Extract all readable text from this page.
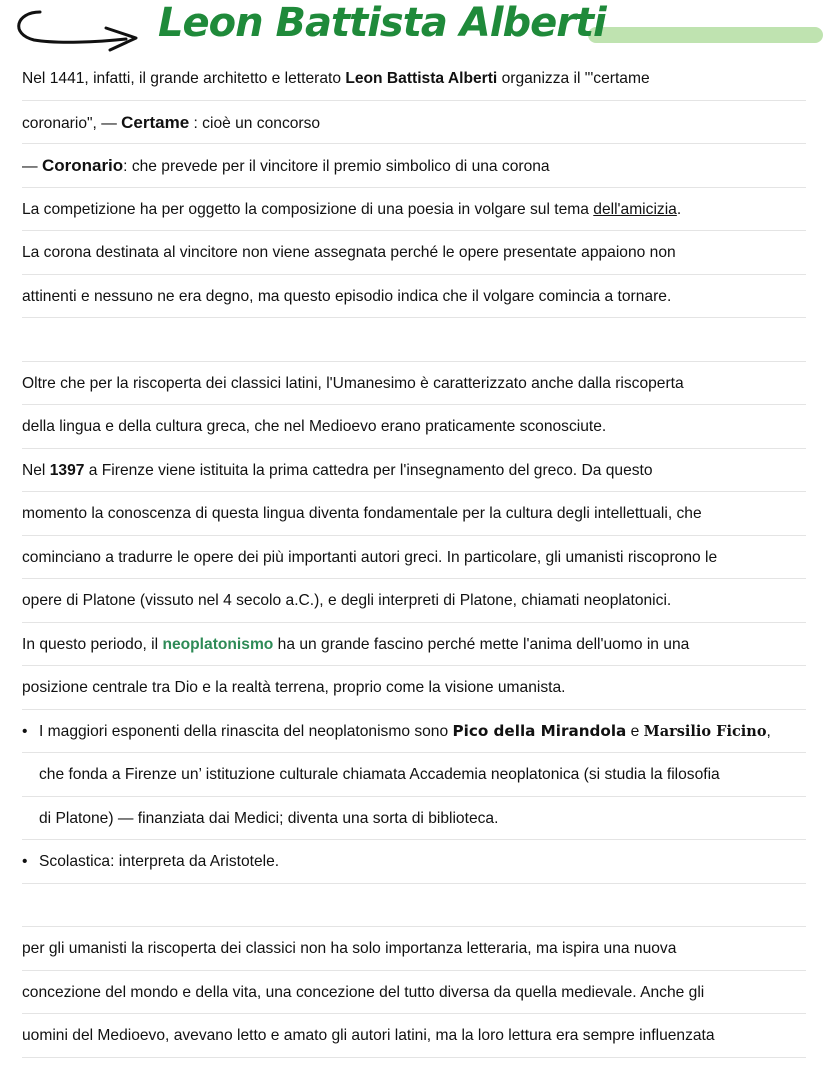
Leon Battista Alberti
Nel 1441, infatti, il grande architetto e letterato Leon Battista Alberti organizza il "'certame
coronario", — Certame : cioè un concorso
— Coronario: che prevede per il vincitore il premio simbolico di una corona
La competizione ha per oggetto la composizione di una poesia in volgare sul tema dell'amicizia.
La corona destinata al vincitore non viene assegnata perché le opere presentate appaiono non
attinenti e nessuno ne era degno, ma questo episodio indica che il volgare comincia a tornare.
Oltre che per la riscoperta dei classici latini, l'Umanesimo è caratterizzato anche dalla riscoperta
della lingua e della cultura greca, che nel Medioevo erano praticamente sconosciute.
Nel 1397 a Firenze viene istituita la prima cattedra per l'insegnamento del greco. Da questo
momento la conoscenza di questa lingua diventa fondamentale per la cultura degli intellettuali, che
cominciano a tradurre le opere dei più importanti autori greci. In particolare, gli umanisti riscoprono le
opere di Platone (vissuto nel 4 secolo a.C.), e degli interpreti di Platone, chiamati neoplatonici.
In questo periodo, il neoplatonismo ha un grande fascino perché mette l'anima dell'uomo in una
posizione centrale tra Dio e la realtà terrena, proprio come la visione umanista.
• I maggiori esponenti della rinascita del neoplatonismo sono Pico della Mirandola e Marsilio Ficino,
che fonda a Firenze un’ istituzione culturale chiamata Accademia neoplatonica (si studia la filosofia
di Platone) — finanziata dai Medici; diventa una sorta di biblioteca.
• Scolastica: interpreta da Aristotele.
per gli umanisti la riscoperta dei classici non ha solo importanza letteraria, ma ispira una nuova
concezione del mondo e della vita, una concezione del tutto diversa da quella medievale. Anche gli
uomini del Medioevo, avevano letto e amato gli autori latini, ma la loro lettura era sempre influenzata
